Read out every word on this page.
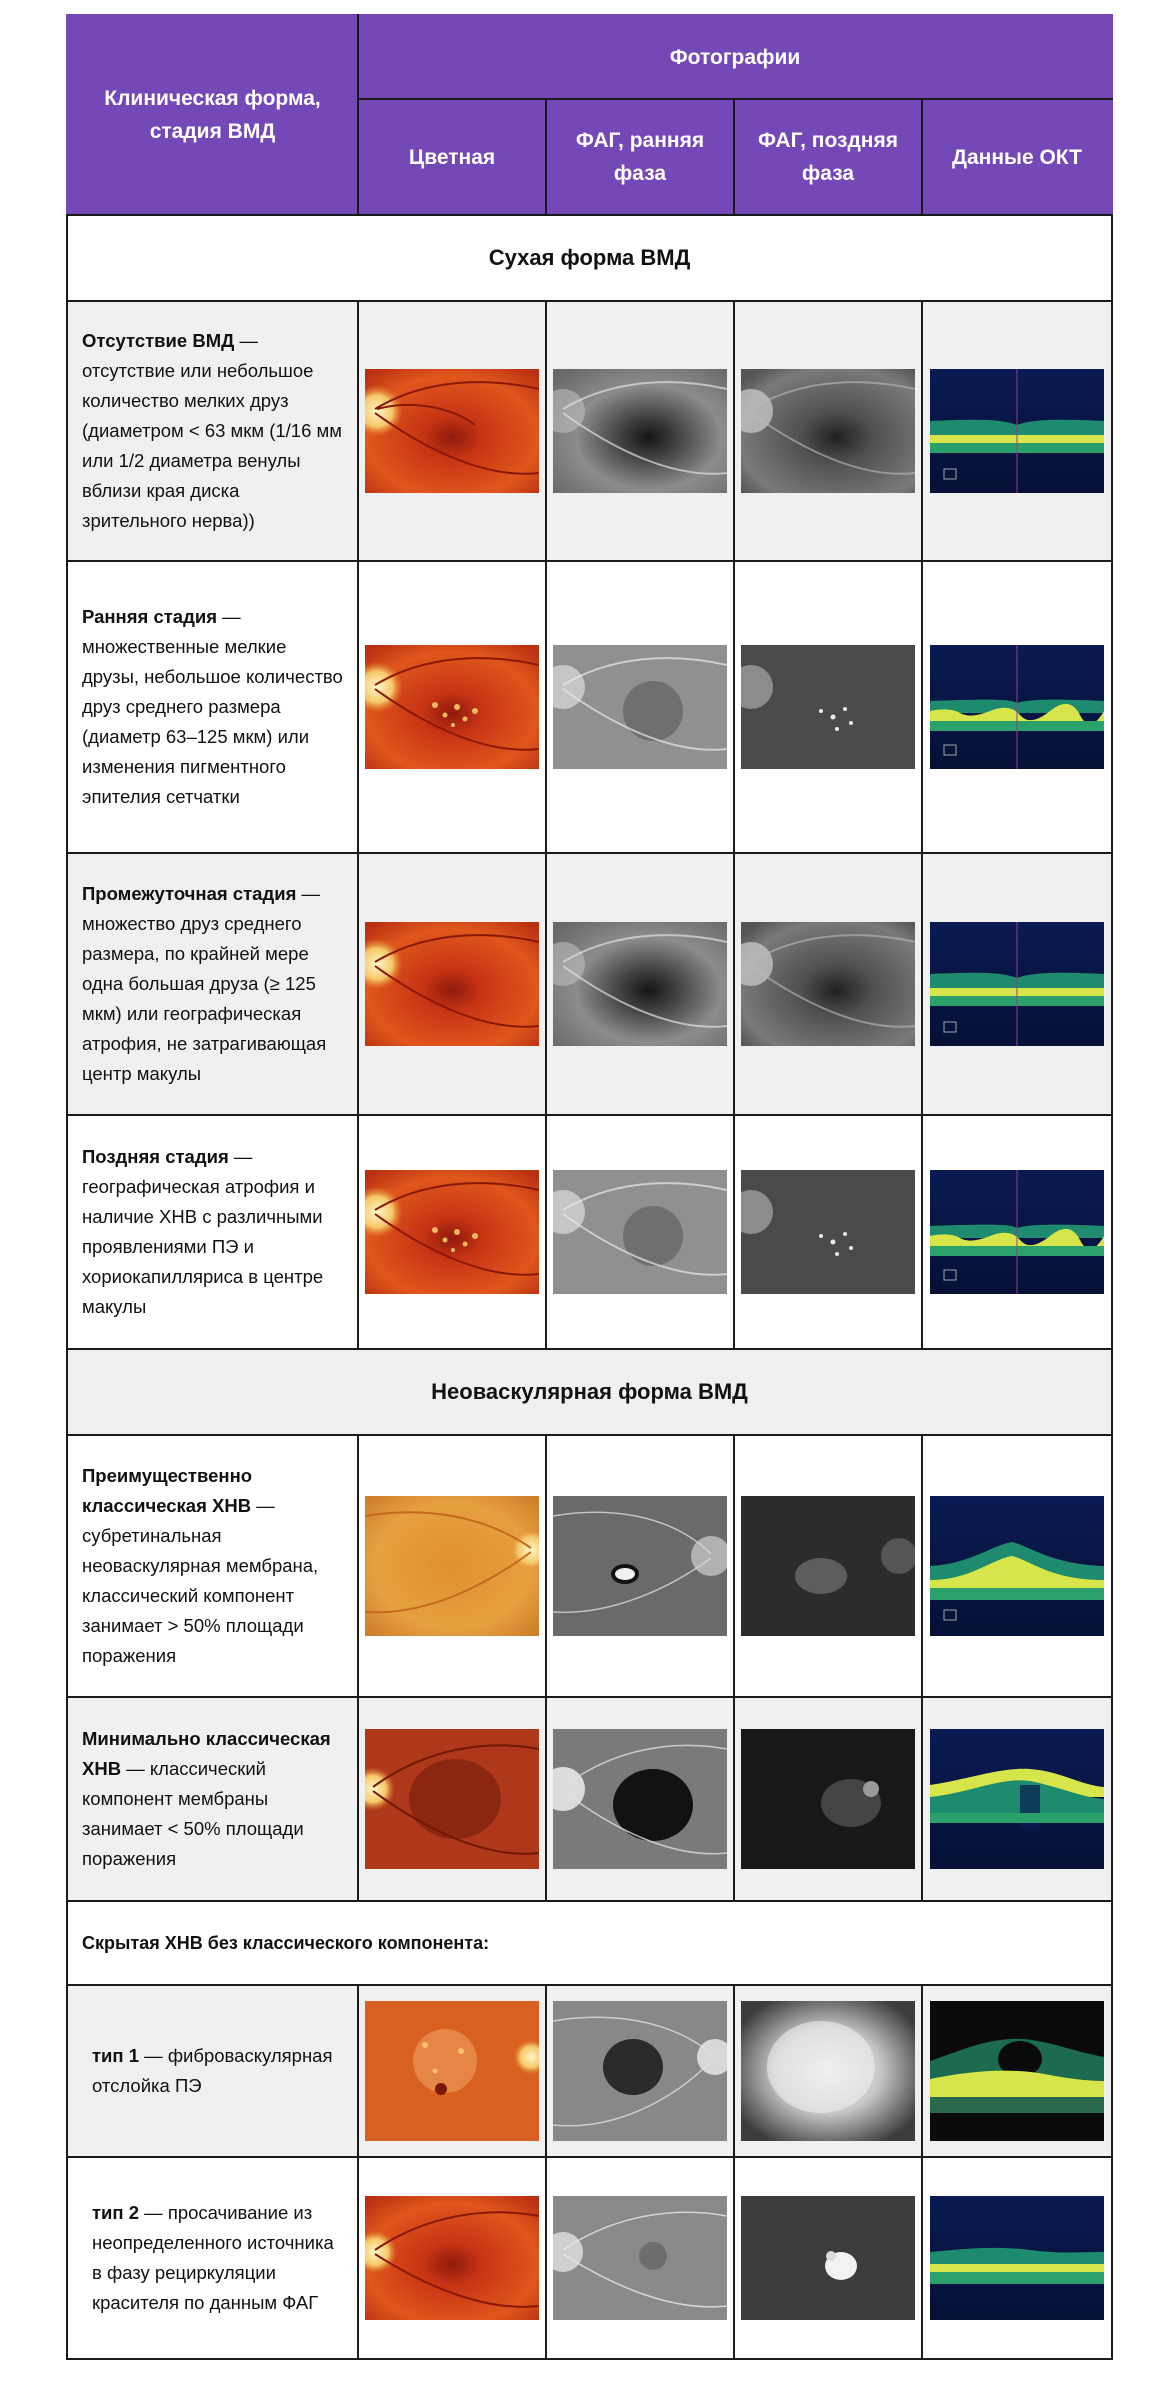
Клиническая форма, стадия ВМД	Фотографии			
	Цветная	ФАГ, ранняя фаза	ФАГ, поздняя фаза	Данные ОКТ
Сухая форма ВМД				
Отсутствие ВМД — отсутствие или небольшое количество мелких друз (диаметром < 63 мкм (1/16 мм или 1/2 диаметра венулы вблизи края диска зрительного нерва))	

Ранняя стадия — множественные мелкие друзы, небольшое количество друз среднего размера (диаметр 63–125 мкм) или изменения пигментного эпителия сетчатки	

Промежуточная стадия — множество друз среднего размера, по крайней мере одна большая друза (≥ 125 мкм) или географическая атрофия, не затрагивающая центр макулы	

Поздняя стадия — географическая атрофия и наличие ХНВ с различными проявлениями ПЭ и хориокапилляриса в центре макулы	

Неоваскулярная форма ВМД				
Преимущественно классическая ХНВ — субретинальная неоваскулярная мембрана, классический компонент занимает > 50% площади поражения	

Минимально классическая ХНВ — классический компонент мембраны занимает < 50% площади поражения	

Скрытая ХНВ без классического компонента:				
тип 1 — фиброваскулярная отслойка ПЭ	

тип 2 — просачивание из неопределенного источника в фазу рециркуляции красителя по данным ФАГ	
